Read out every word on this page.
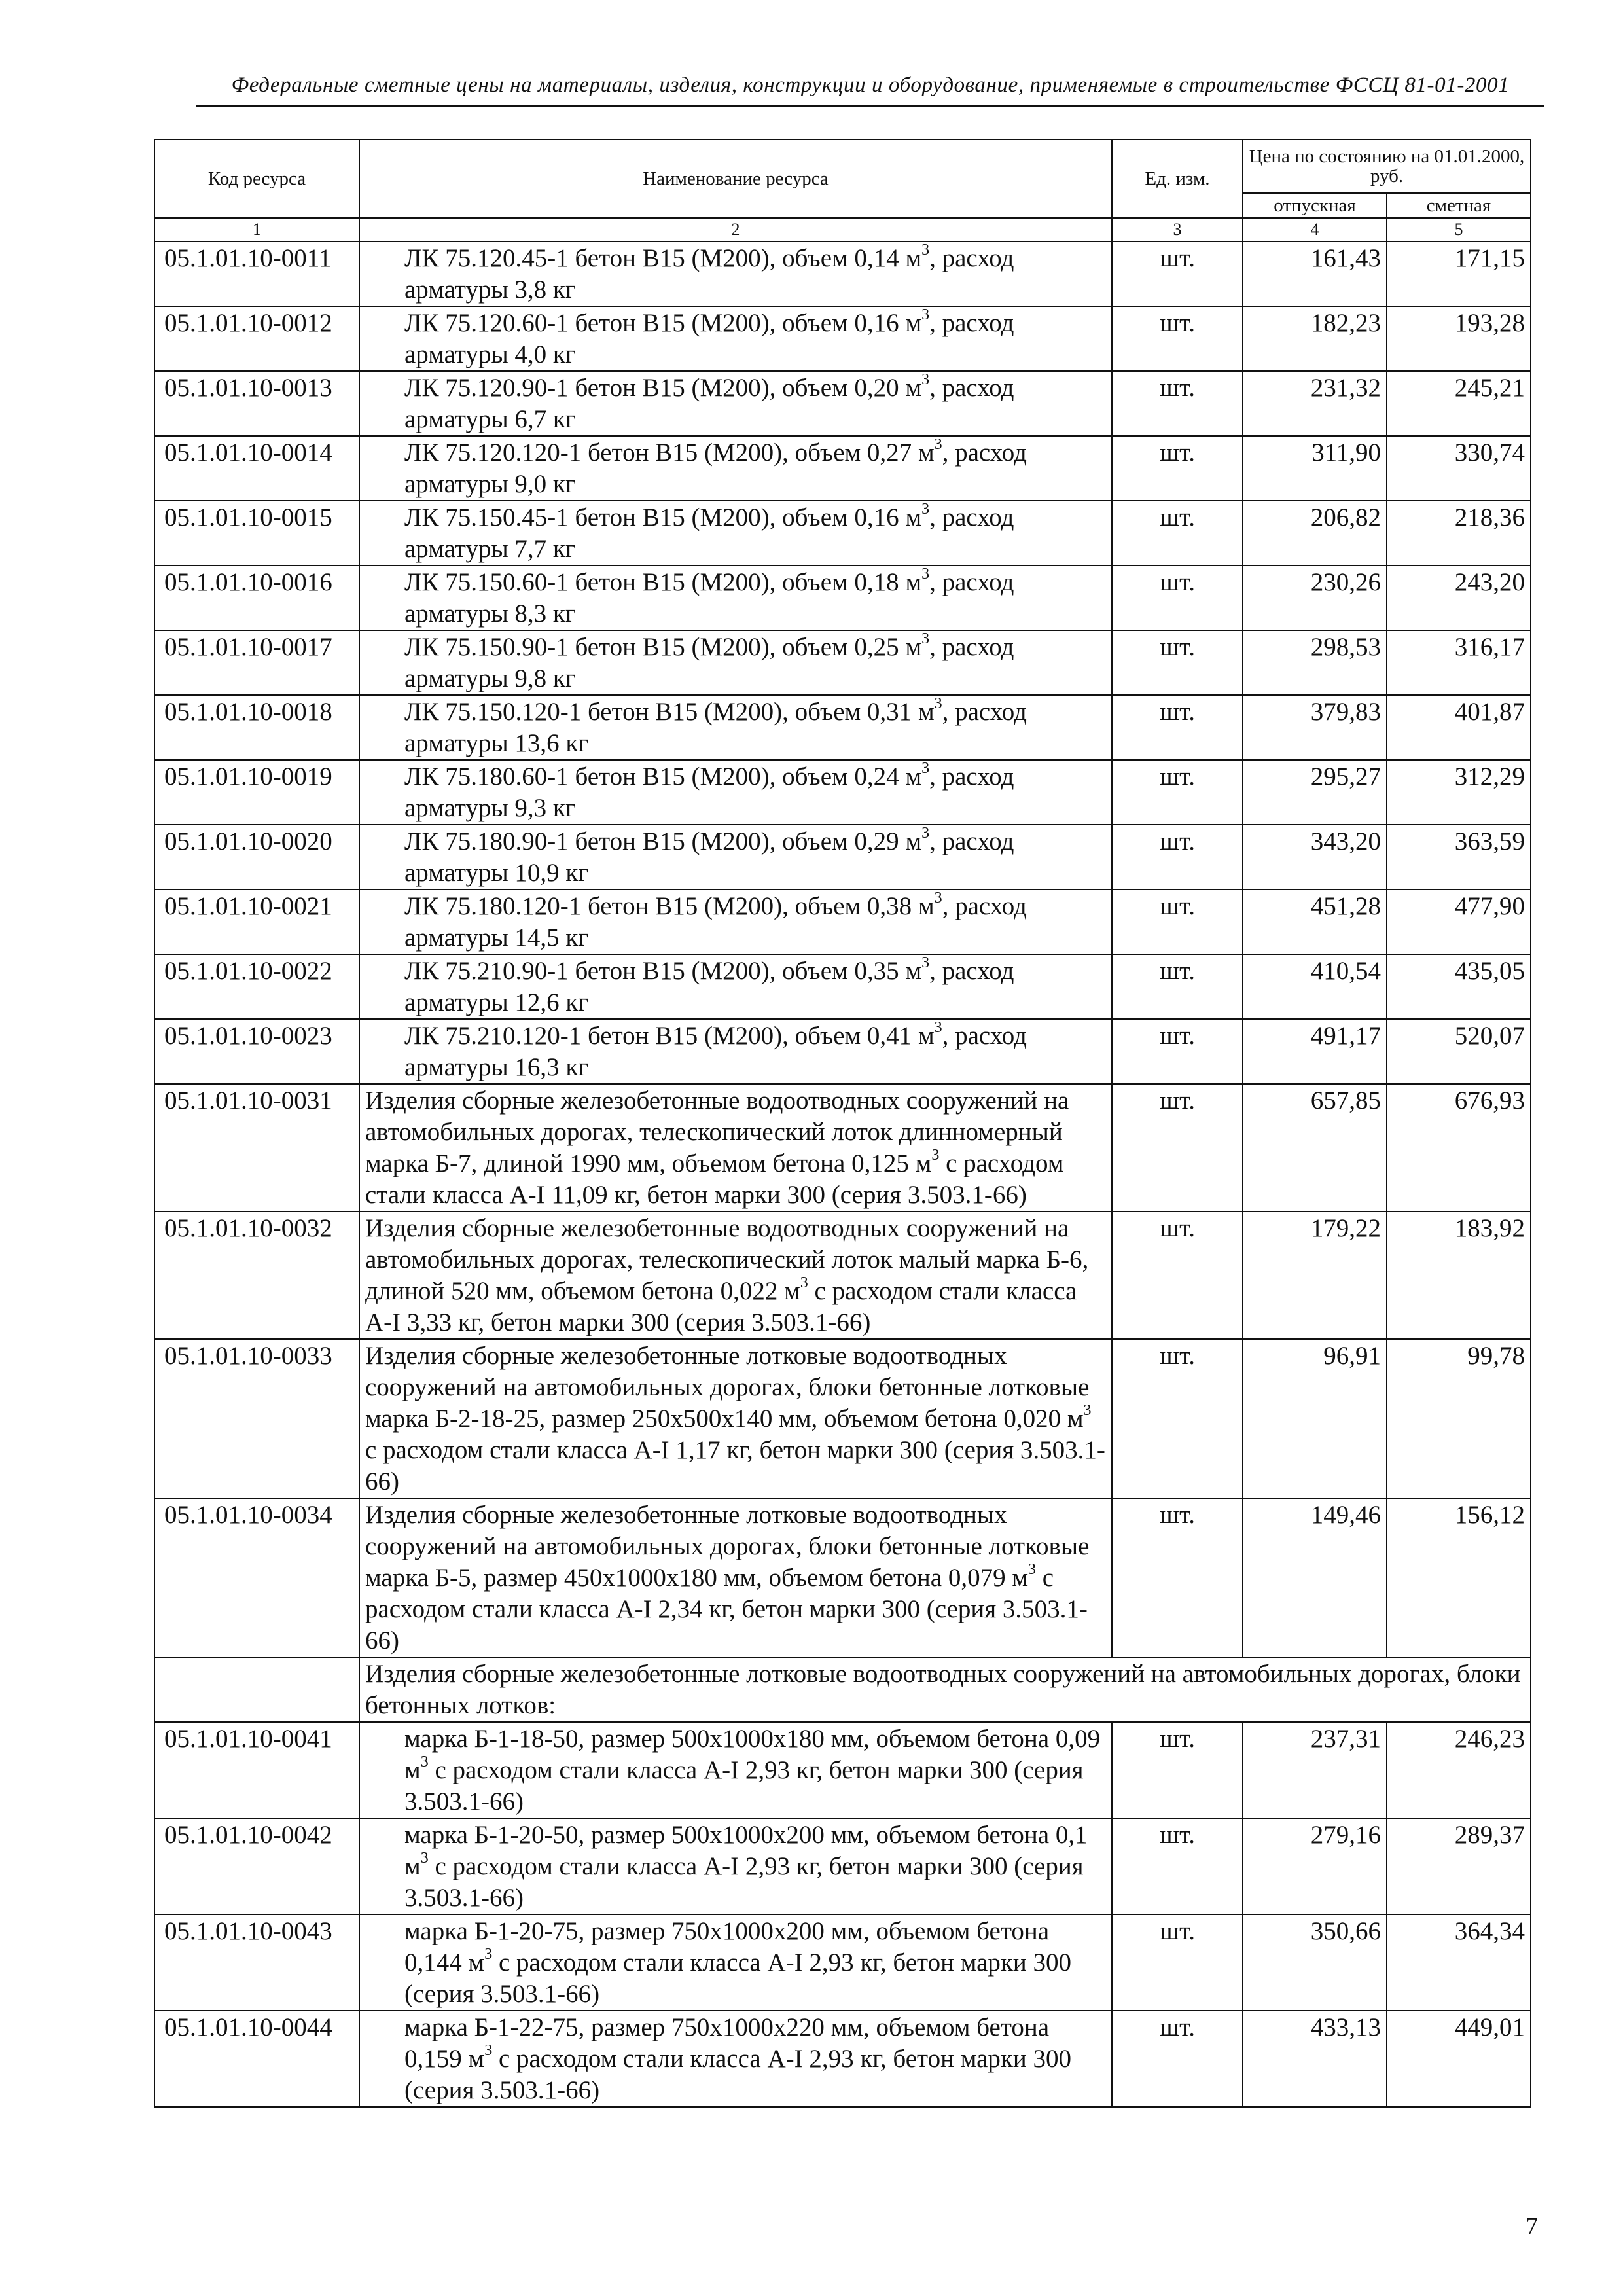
Федеральные сметные цены на материалы, изделия, конструкции и оборудование, применяемые в строительстве ФССЦ 81-01-2001
Код ресурса	Наименование ресурса	Ед. изм.	Цена по состоянию на 01.01.2000, руб.	
			отпускная	сметная
1	2	3	4	5
05.1.01.10-0011	ЛК 75.120.45-1 бетон В15 (М200), объем 0,14 $м^3$, расход арматуры 3,8 кг	шт.	161,43	171,15
05.1.01.10-0012	ЛК 75.120.60-1 бетон В15 (М200), объем 0,16 $м^3$, расход арматуры 4,0 кг	шт.	182,23	193,28
05.1.01.10-0013	ЛК 75.120.90-1 бетон В15 (М200), объем 0,20 $м^3$, расход арматуры 6,7 кг	шт.	231,32	245,21
05.1.01.10-0014	ЛК 75.120.120-1 бетон В15 (М200), объем 0,27 $м^3$, расход арматуры 9,0 кг	шт.	311,90	330,74
05.1.01.10-0015	ЛК 75.150.45-1 бетон В15 (М200), объем 0,16 $м^3$, расход арматуры 7,7 кг	шт.	206,82	218,36
05.1.01.10-0016	ЛК 75.150.60-1 бетон В15 (М200), объем 0,18 $м^3$, расход арматуры 8,3 кг	шт.	230,26	243,20
05.1.01.10-0017	ЛК 75.150.90-1 бетон В15 (М200), объем 0,25 $м^3$, расход арматуры 9,8 кг	шт.	298,53	316,17
05.1.01.10-0018	ЛК 75.150.120-1 бетон В15 (М200), объем 0,31 $м^3$, расход арматуры 13,6 кг	шт.	379,83	401,87
05.1.01.10-0019	ЛК 75.180.60-1 бетон В15 (М200), объем 0,24 $м^3$, расход арматуры 9,3 кг	шт.	295,27	312,29
05.1.01.10-0020	ЛК 75.180.90-1 бетон В15 (М200), объем 0,29 $м^3$, расход арматуры 10,9 кг	шт.	343,20	363,59
05.1.01.10-0021	ЛК 75.180.120-1 бетон В15 (М200), объем 0,38 $м^3$, расход арматуры 14,5 кг	шт.	451,28	477,90
05.1.01.10-0022	ЛК 75.210.90-1 бетон В15 (М200), объем 0,35 $м^3$, расход арматуры 12,6 кг	шт.	410,54	435,05
05.1.01.10-0023	ЛК 75.210.120-1 бетон В15 (М200), объем 0,41 $м^3$, расход арматуры 16,3 кг	шт.	491,17	520,07
05.1.01.10-0031	Изделия сборные железобетонные водоотводных сооружений на автомобильных дорогах, телескопический лоток длинномерный марка Б-7, длиной 1990 мм, объемом бетона 0,125 $м^3$ с расходом стали класса А-I 11,09 кг, бетон марки 300 (серия 3.503.1-66)	шт.	657,85	676,93
05.1.01.10-0032	Изделия сборные железобетонные водоотводных сооружений на автомобильных дорогах, телескопический лоток малый марка Б-6, длиной 520 мм, объемом бетона 0,022 $м^3$ с расходом стали класса А-I 3,33 кг, бетон марки 300 (серия 3.503.1-66)	шт.	179,22	183,92
05.1.01.10-0033	Изделия сборные железобетонные лотковые водоотводных сооружений на автомобильных дорогах, блоки бетонные лотковые марка Б-2-18-25, размер 250х500х140 мм, объемом бетона 0,020 $м^3$ с расходом стали класса А-I 1,17 кг, бетон марки 300 (серия 3.503.1-66)	шт.	96,91	99,78
05.1.01.10-0034	Изделия сборные железобетонные лотковые водоотводных сооружений на автомобильных дорогах, блоки бетонные лотковые марка Б-5, размер 450х1000х180 мм, объемом бетона 0,079 $м^3$ с расходом стали класса А-I 2,34 кг, бетон марки 300 (серия 3.503.1-66)	шт.	149,46	156,12

	Изделия сборные железобетонные лотковые водоотводных сооружений на автомобильных дорогах, блоки бетонных лотков:			

05.1.01.10-0041	марка Б-1-18-50, размер 500х1000х180 мм, объемом бетона 0,09 $м^3$ с расходом стали класса А-I 2,93 кг, бетон марки 300 (серия 3.503.1-66)	шт.	237,31	246,23
05.1.01.10-0042	марка Б-1-20-50, размер 500х1000х200 мм, объемом бетона 0,1 $м^3$ с расходом стали класса А-I 2,93 кг, бетон марки 300 (серия 3.503.1-66)	шт.	279,16	289,37
05.1.01.10-0043	марка Б-1-20-75, размер 750х1000х200 мм, объемом бетона 0,144 $м^3$ с расходом стали класса А-I 2,93 кг, бетон марки 300 (серия 3.503.1-66)	шт.	350,66	364,34
05.1.01.10-0044	марка Б-1-22-75, размер 750х1000х220 мм, объемом бетона 0,159 $м^3$ с расходом стали класса А-I 2,93 кг, бетон марки 300 (серия 3.503.1-66)	шт.	433,13	449,01
7
